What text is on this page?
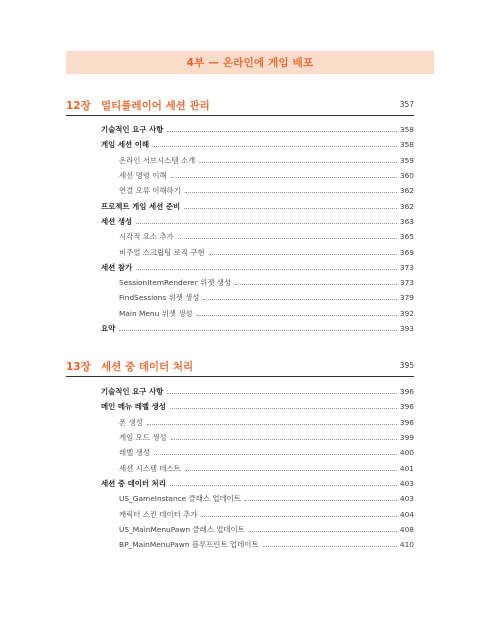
4부 — 온라인에 게임 배포
12장 멀티플레이어 세션 관리	357
기술적인 요구 사항	358
게임 세션 이해	358
온라인 서브시스템 소개	359
세션 명령 이해	360
연결 오류 이해하기	362
프로젝트 게임 세션 준비	362
세션 생성	363
시각적 요소 추가	365
비주얼 스크립팅 로직 구현	369
세션 참가	373
SessionItemRenderer 위젯 생성	373
FindSessions 위젯 생성	379
Main Menu 위젯 생성	392
요약	393
13장 세션 중 데이터 처리	395
기술적인 요구 사항	396
메인 메뉴 레벨 생성	396
폰 생성	396
게임 모드 생성	399
레벨 생성	400
세션 시스템 테스트	401
세션 중 데이터 처리	403
US_GameInstance 클래스 업데이트	403
캐릭터 스킨 데이터 추가	404
US_MainMenuPawn 클래스 업데이트	408
BP_MainMenuPawn 블루프린트 업데이트	410
